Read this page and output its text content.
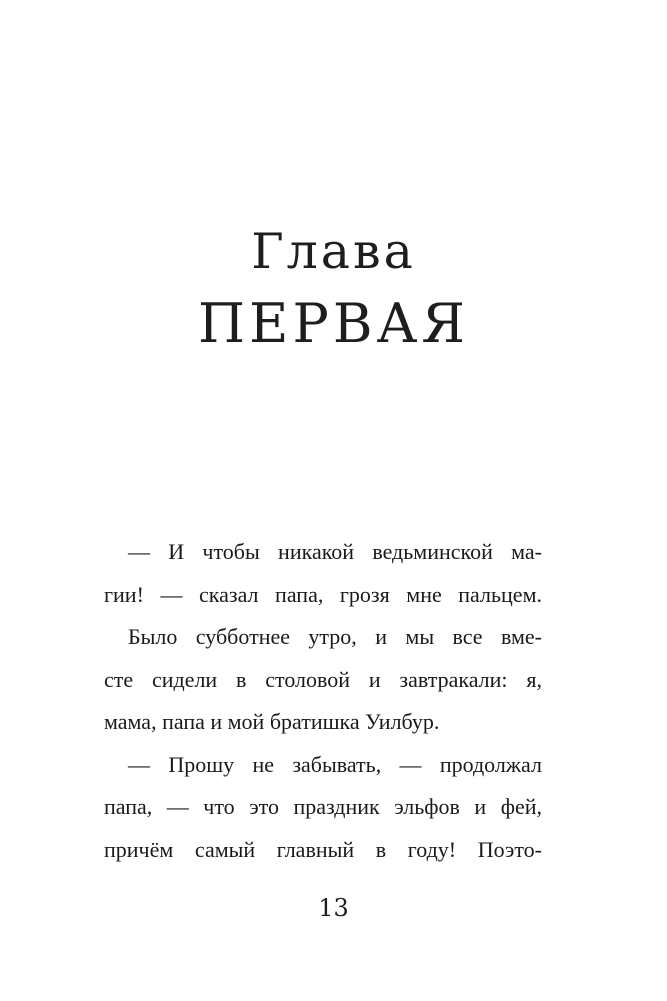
Глава
ПЕРВАЯ
— И чтобы никакой ведьминской ма-
гии! — сказал папа, грозя мне пальцем.
Было субботнее утро, и мы все вме-
сте сидели в столовой и завтракали: я,
мама, папа и мой братишка Уилбур.
— Прошу не забывать, — продолжал
папа, — что это праздник эльфов и фей,
причём самый главный в году! Поэто-
13
